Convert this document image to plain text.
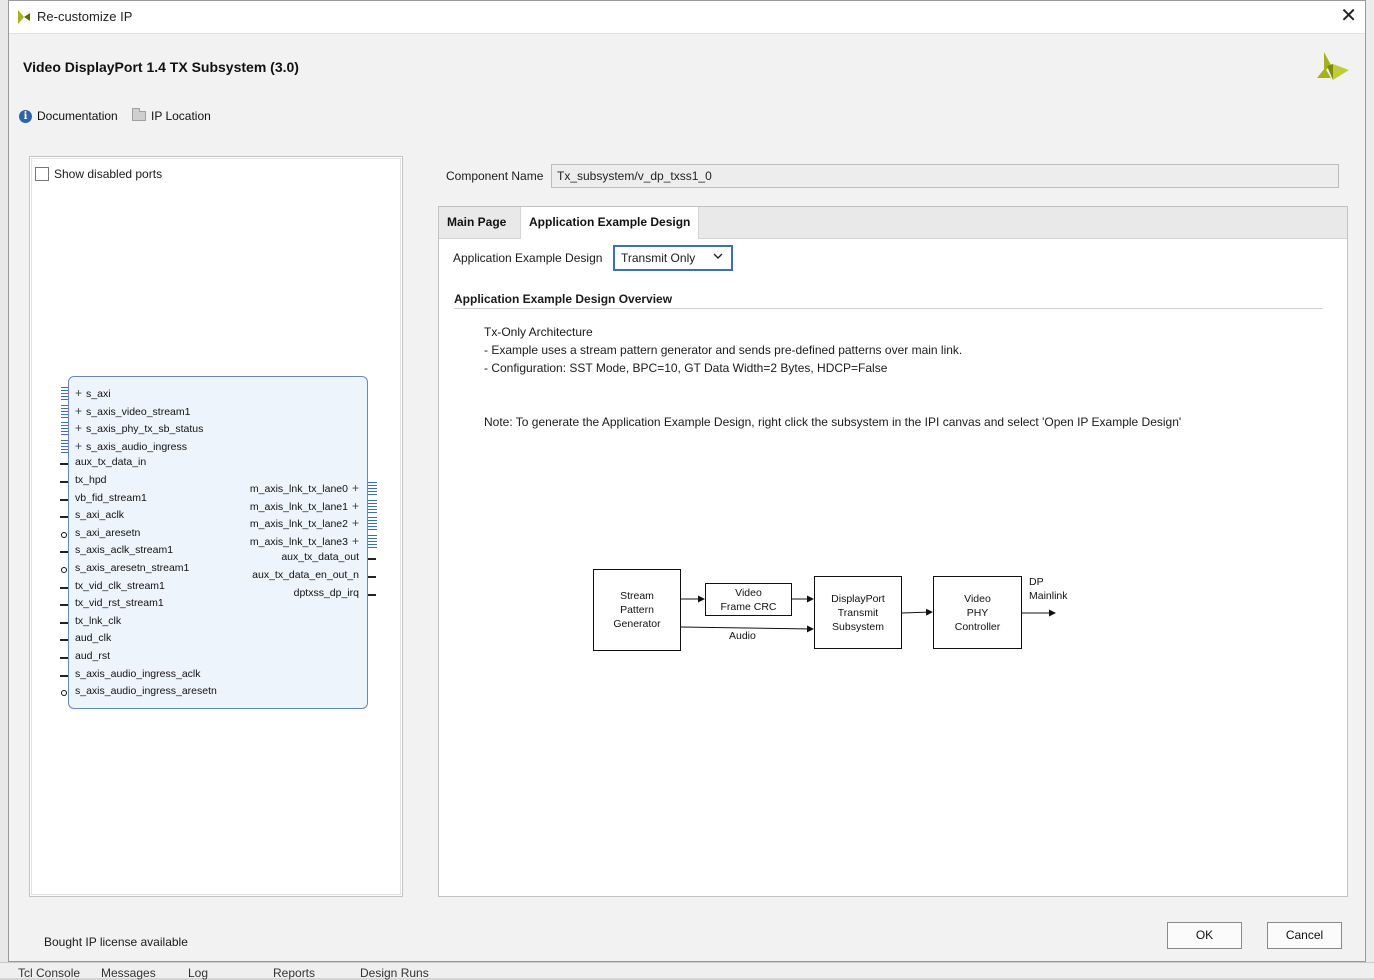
Tcl Console Messages	Log	Reports	Design Runs
Re-customize IP	✕
Video DisplayPort 1.4 TX Subsystem (3.0)
i Documentation	IP Location
Show disabled ports
+ s_axi
+ s_axis_video_stream1
+ s_axis_phy_tx_sb_status
+ s_axis_audio_ingress
aux_tx_data_in
tx_hpd
vb_fid_stream1
s_axi_aclk
s_axi_aresetn
s_axis_aclk_stream1
s_axis_aresetn_stream1
tx_vid_clk_stream1
tx_vid_rst_stream1
tx_lnk_clk
aud_clk
aud_rst
s_axis_audio_ingress_aclk
s_axis_audio_ingress_aresetn
m_axis_lnk_tx_lane0 +
m_axis_lnk_tx_lane1 +
m_axis_lnk_tx_lane2 +
m_axis_lnk_tx_lane3 +
aux_tx_data_out
aux_tx_data_en_out_n
dptxss_dp_irq
Component Name	Tx_subsystem/v_dp_txss1_0
Main Page	Application Example Design
Application Example Design	Transmit Only
Application Example Design Overview
Tx-Only Architecture
- Example uses a stream pattern generator and sends pre-defined patterns over main link.
- Configuration: SST Mode, BPC=10, GT Data Width=2 Bytes, HDCP=False
Note: To generate the Application Example Design, right click the subsystem in the IPI canvas and select 'Open IP Example Design'
Stream
Pattern
Generator
Video
Frame CRC
DisplayPort
Transmit
Subsystem
Video
PHY
Controller
Audio
DP
Mainlink
Bought IP license available	OK	Cancel
